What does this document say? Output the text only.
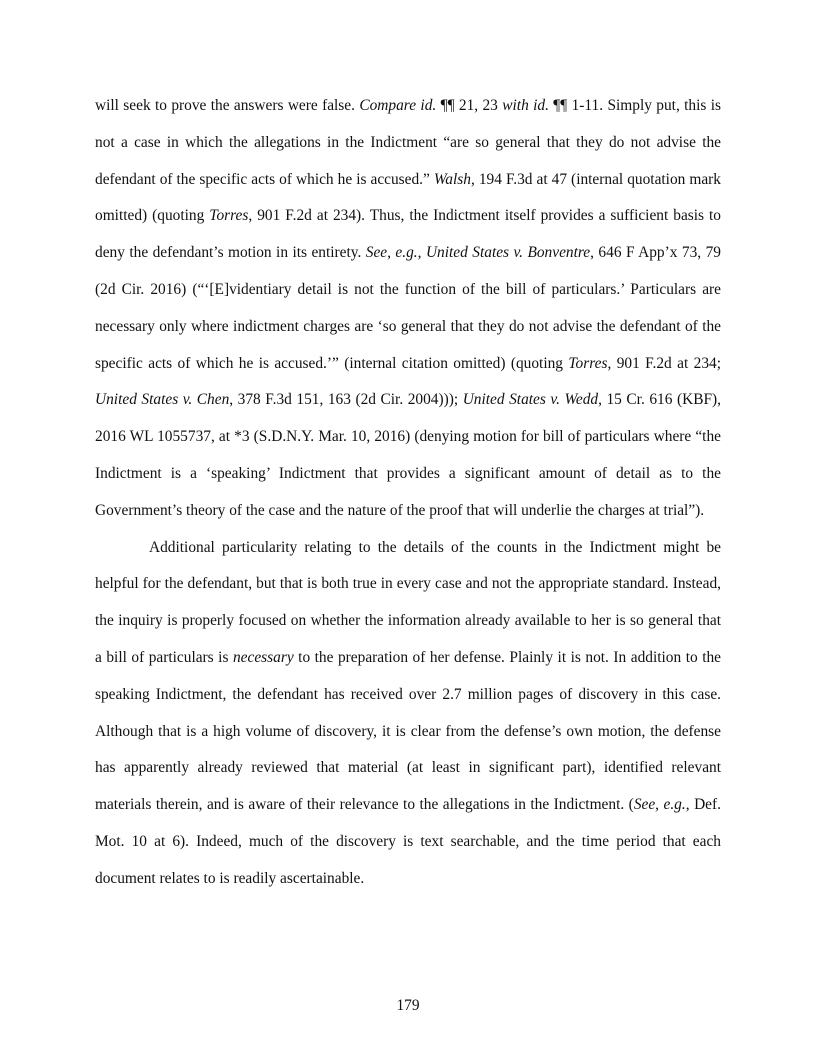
will seek to prove the answers were false. Compare id. ¶¶ 21, 23 with id. ¶¶ 1-11. Simply put, this is not a case in which the allegations in the Indictment “are so general that they do not advise the defendant of the specific acts of which he is accused.” Walsh, 194 F.3d at 47 (internal quotation mark omitted) (quoting Torres, 901 F.2d at 234). Thus, the Indictment itself provides a sufficient basis to deny the defendant’s motion in its entirety. See, e.g., United States v. Bonventre, 646 F App’x 73, 79 (2d Cir. 2016) (“‘[E]videntiary detail is not the function of the bill of particulars.’ Particulars are necessary only where indictment charges are ‘so general that they do not advise the defendant of the specific acts of which he is accused.’” (internal citation omitted) (quoting Torres, 901 F.2d at 234; United States v. Chen, 378 F.3d 151, 163 (2d Cir. 2004))); United States v. Wedd, 15 Cr. 616 (KBF), 2016 WL 1055737, at *3 (S.D.N.Y. Mar. 10, 2016) (denying motion for bill of particulars where “the Indictment is a ‘speaking’ Indictment that provides a significant amount of detail as to the Government’s theory of the case and the nature of the proof that will underlie the charges at trial”).

Additional particularity relating to the details of the counts in the Indictment might be helpful for the defendant, but that is both true in every case and not the appropriate standard. Instead, the inquiry is properly focused on whether the information already available to her is so general that a bill of particulars is necessary to the preparation of her defense. Plainly it is not. In addition to the speaking Indictment, the defendant has received over 2.7 million pages of discovery in this case. Although that is a high volume of discovery, it is clear from the defense’s own motion, the defense has apparently already reviewed that material (at least in significant part), identified relevant materials therein, and is aware of their relevance to the allegations in the Indictment. (See, e.g., Def. Mot. 10 at 6). Indeed, much of the discovery is text searchable, and the time period that each document relates to is readily ascertainable.

179
